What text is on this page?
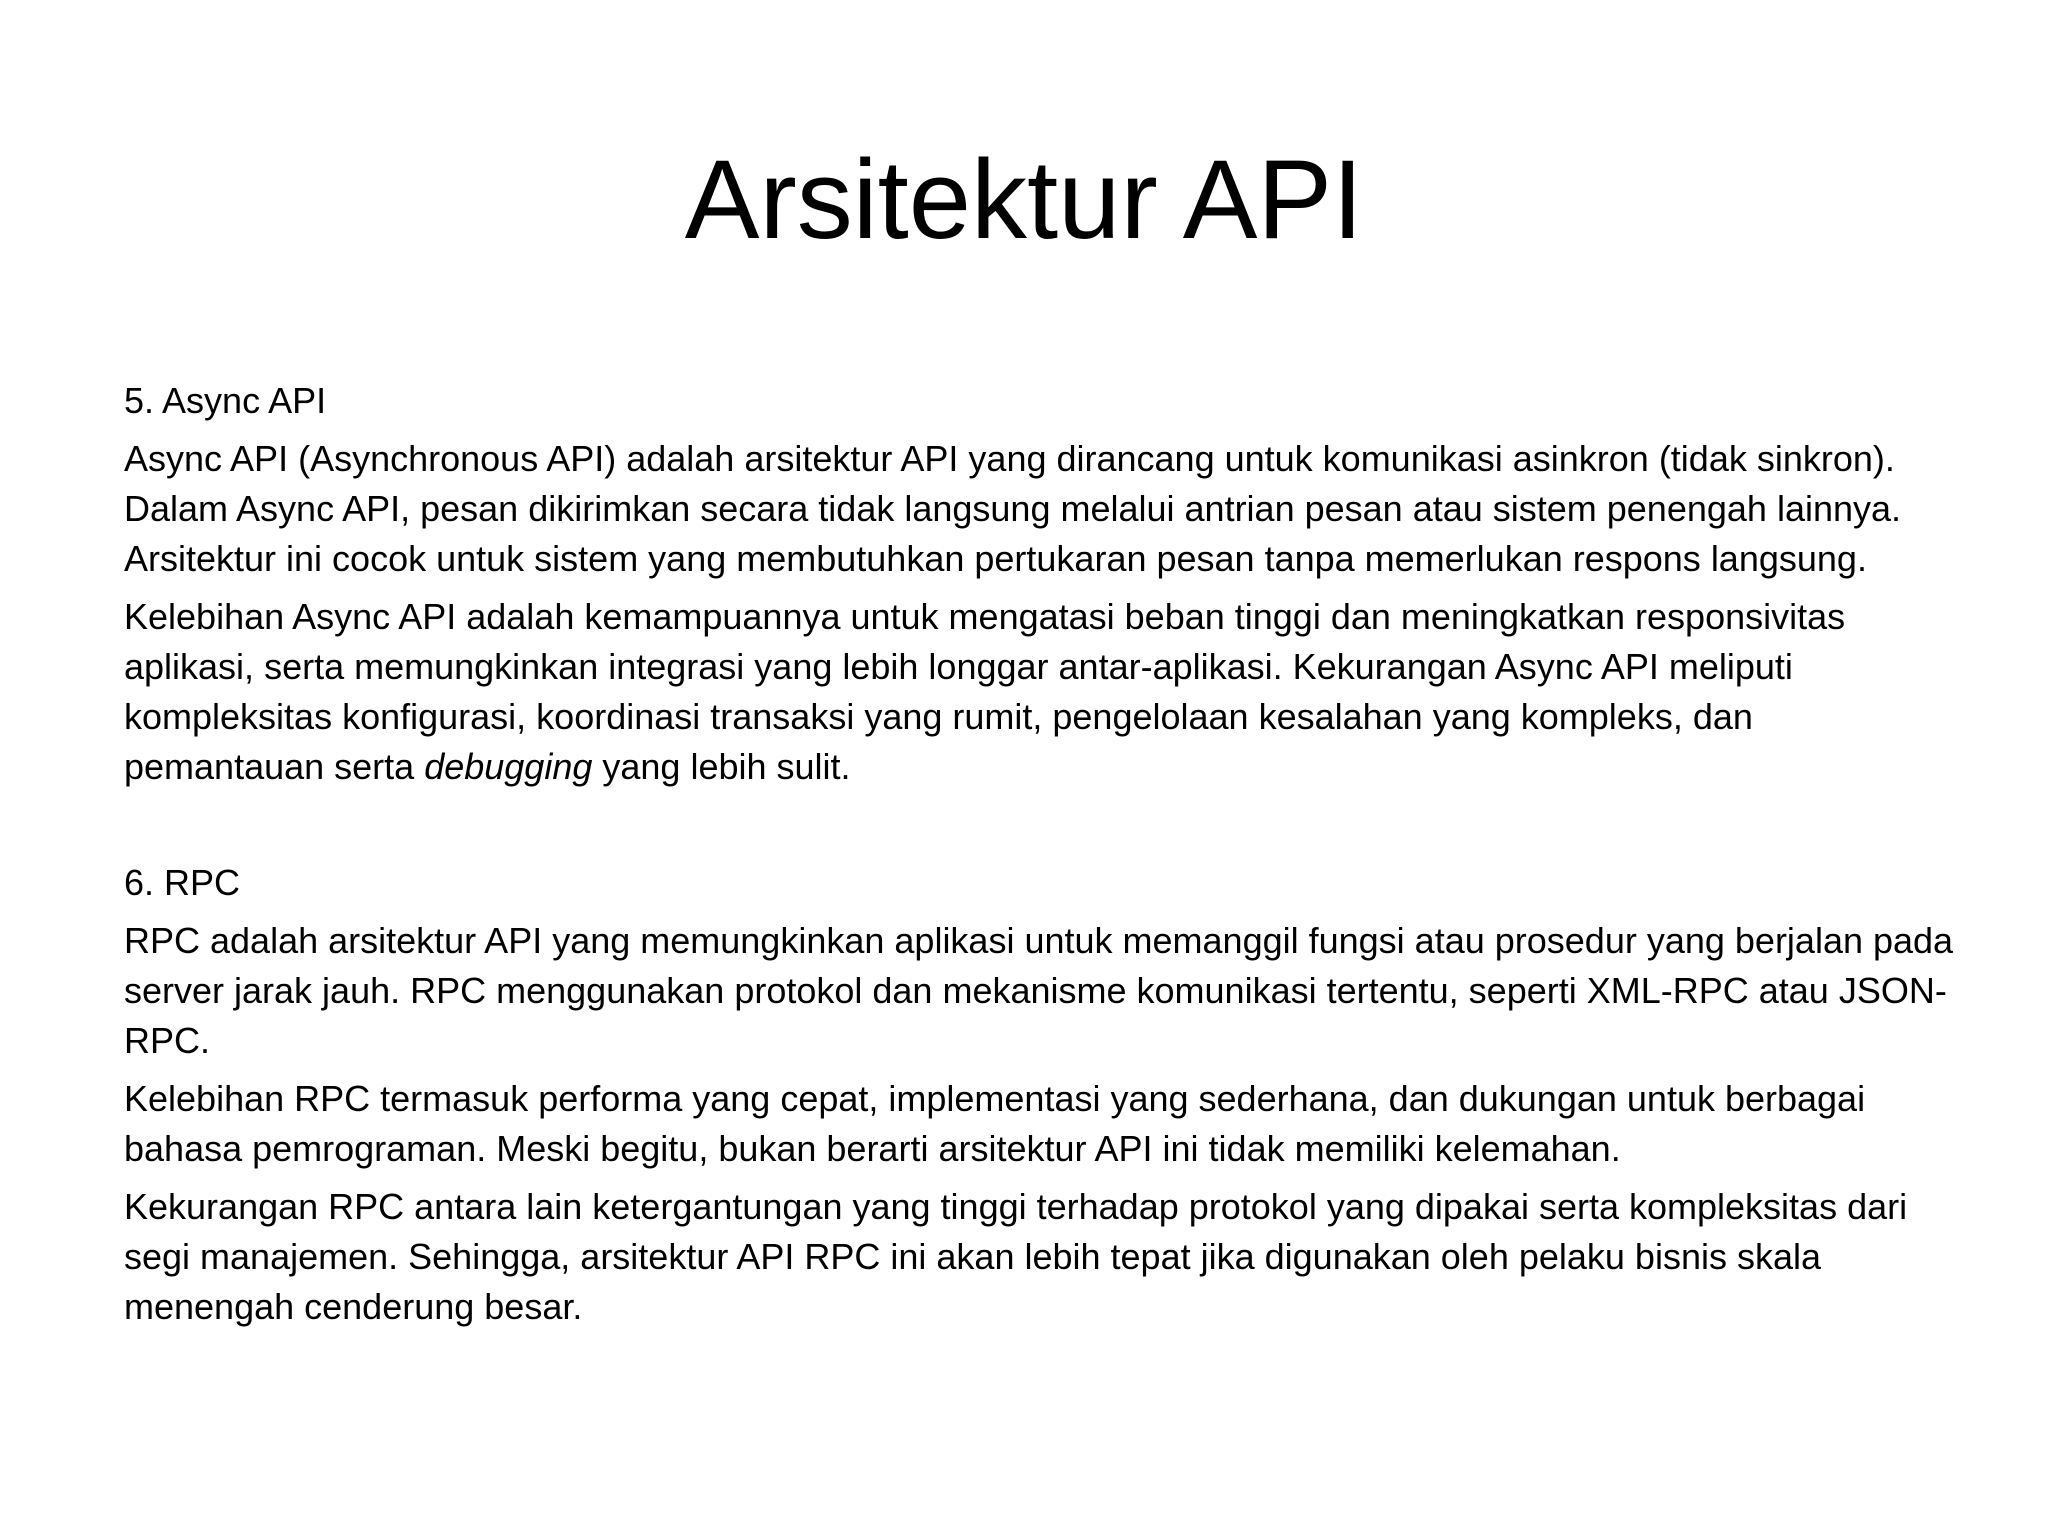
Arsitektur API

5. Async API

Async API (Asynchronous API) adalah arsitektur API yang dirancang untuk komunikasi asinkron (tidak sinkron). Dalam Async API, pesan dikirimkan secara tidak langsung melalui antrian pesan atau sistem penengah lainnya. Arsitektur ini cocok untuk sistem yang membutuhkan pertukaran pesan tanpa memerlukan respons langsung.

Kelebihan Async API adalah kemampuannya untuk mengatasi beban tinggi dan meningkatkan responsivitas aplikasi, serta memungkinkan integrasi yang lebih longgar antar-aplikasi. Kekurangan Async API meliputi kompleksitas konfigurasi, koordinasi transaksi yang rumit, pengelolaan kesalahan yang kompleks, dan pemantauan serta debugging yang lebih sulit.

6. RPC

RPC adalah arsitektur API yang memungkinkan aplikasi untuk memanggil fungsi atau prosedur yang berjalan pada server jarak jauh. RPC menggunakan protokol dan mekanisme komunikasi tertentu, seperti XML-RPC atau JSON-RPC.

Kelebihan RPC termasuk performa yang cepat, implementasi yang sederhana, dan dukungan untuk berbagai bahasa pemrograman. Meski begitu, bukan berarti arsitektur API ini tidak memiliki kelemahan.

Kekurangan RPC antara lain ketergantungan yang tinggi terhadap protokol yang dipakai serta kompleksitas dari segi manajemen. Sehingga, arsitektur API RPC ini akan lebih tepat jika digunakan oleh pelaku bisnis skala menengah cenderung besar.
